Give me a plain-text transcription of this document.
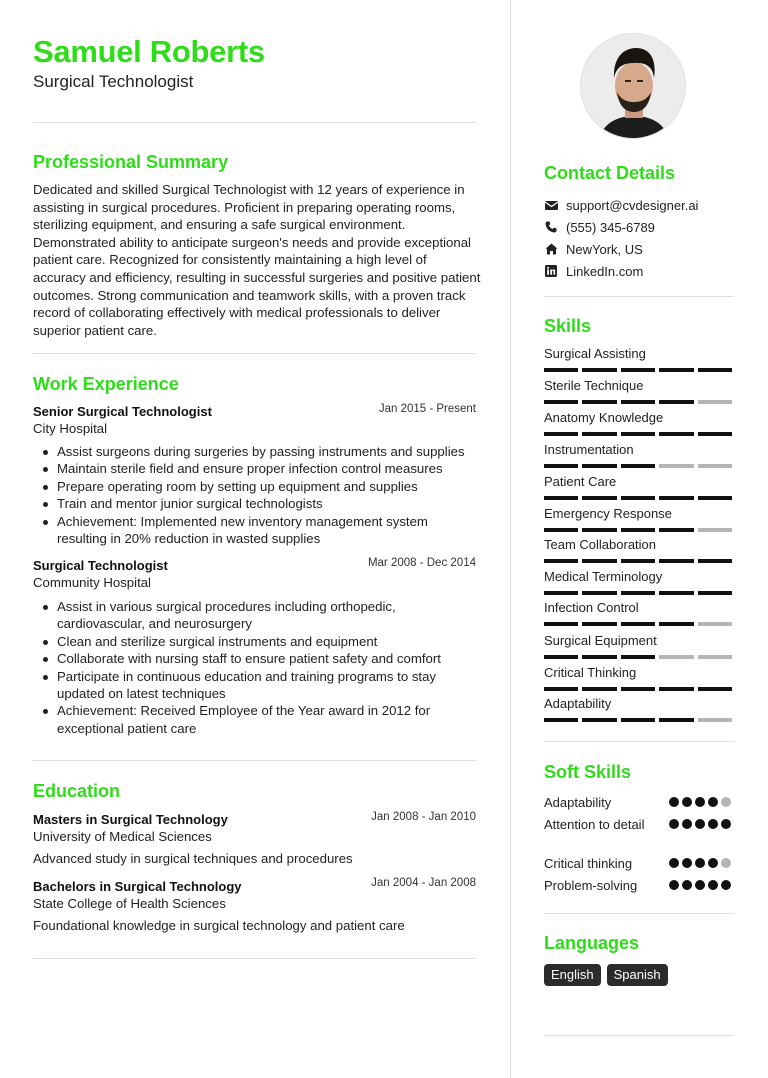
Samuel Roberts
Surgical Technologist
Professional Summary
Dedicated and skilled Surgical Technologist with 12 years of experience in assisting in surgical procedures. Proficient in preparing operating rooms, sterilizing equipment, and ensuring a safe surgical environment. Demonstrated ability to anticipate surgeon's needs and provide exceptional patient care. Recognized for consistently maintaining a high level of accuracy and efficiency, resulting in successful surgeries and positive patient outcomes. Strong communication and teamwork skills, with a proven track record of collaborating effectively with medical professionals to deliver superior patient care.
Work Experience
Senior Surgical Technologist	Jan 2015 - Present
City Hospital
Assist surgeons during surgeries by passing instruments and supplies
Maintain sterile field and ensure proper infection control measures
Prepare operating room by setting up equipment and supplies
Train and mentor junior surgical technologists
Achievement: Implemented new inventory management system resulting in 20% reduction in wasted supplies
Surgical Technologist	Mar 2008 - Dec 2014
Community Hospital
Assist in various surgical procedures including orthopedic, cardiovascular, and neurosurgery
Clean and sterilize surgical instruments and equipment
Collaborate with nursing staff to ensure patient safety and comfort
Participate in continuous education and training programs to stay updated on latest techniques
Achievement: Received Employee of the Year award in 2012 for exceptional patient care
Education
Masters in Surgical Technology	Jan 2008 - Jan 2010
University of Medical Sciences
Advanced study in surgical techniques and procedures
Bachelors in Surgical Technology	Jan 2004 - Jan 2008
State College of Health Sciences
Foundational knowledge in surgical technology and patient care
Contact Details
support@cvdesigner.ai
(555) 345-6789
NewYork, US
LinkedIn.com
Skills
Surgical Assisting
Sterile Technique
Anatomy Knowledge
Instrumentation
Patient Care
Emergency Response
Team Collaboration
Medical Terminology
Infection Control
Surgical Equipment
Critical Thinking
Adaptability
Soft Skills
Adaptability
Attention to detail
Critical thinking
Problem-solving
Languages
English	Spanish
